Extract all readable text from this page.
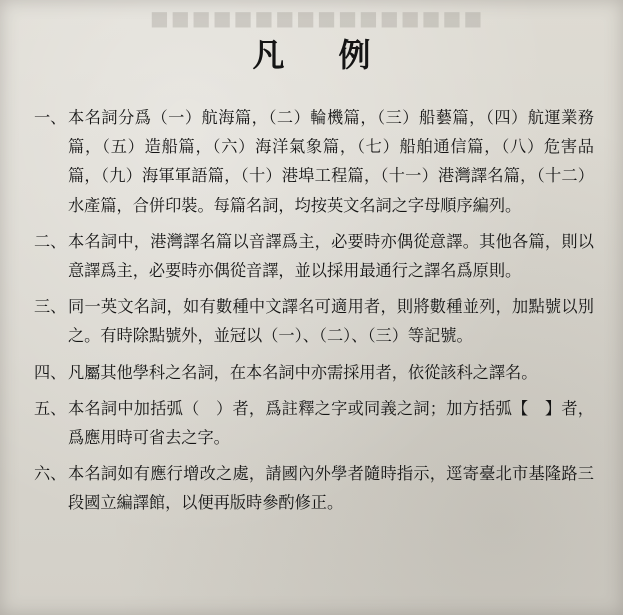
■■■■■■■■■■■■■■■■
凡例
一、 本名詞分爲（一）航海篇，（二）輪機篇，（三）船藝篇，（四）航運業務篇，（五）造船篇，（六）海洋氣象篇，（七）船舶通信篇，（八）危害品篇，（九）海軍軍語篇，（十）港埠工程篇，（十一）港灣譯名篇，（十二）水產篇，合併印裝。每篇名詞，均按英文名詞之字母順序編列。
二、 本名詞中，港灣譯名篇以音譯爲主，必要時亦偶從意譯。其他各篇，則以意譯爲主，必要時亦偶從音譯，並以採用最通行之譯名爲原則。
三、 同一英文名詞，如有數種中文譯名可適用者，則將數種並列，加點號以別之。有時除點號外，並冠以（一）、（二）、（三）等記號。
四、 凡屬其他學科之名詞，在本名詞中亦需採用者，依從該科之譯名。
五、 本名詞中加括弧（　）者，爲註釋之字或同義之詞；加方括弧【　】者，爲應用時可省去之字。
六、 本名詞如有應行增改之處，請國內外學者隨時指示，逕寄臺北市基隆路三段國立編譯館，以便再版時參酌修正。
